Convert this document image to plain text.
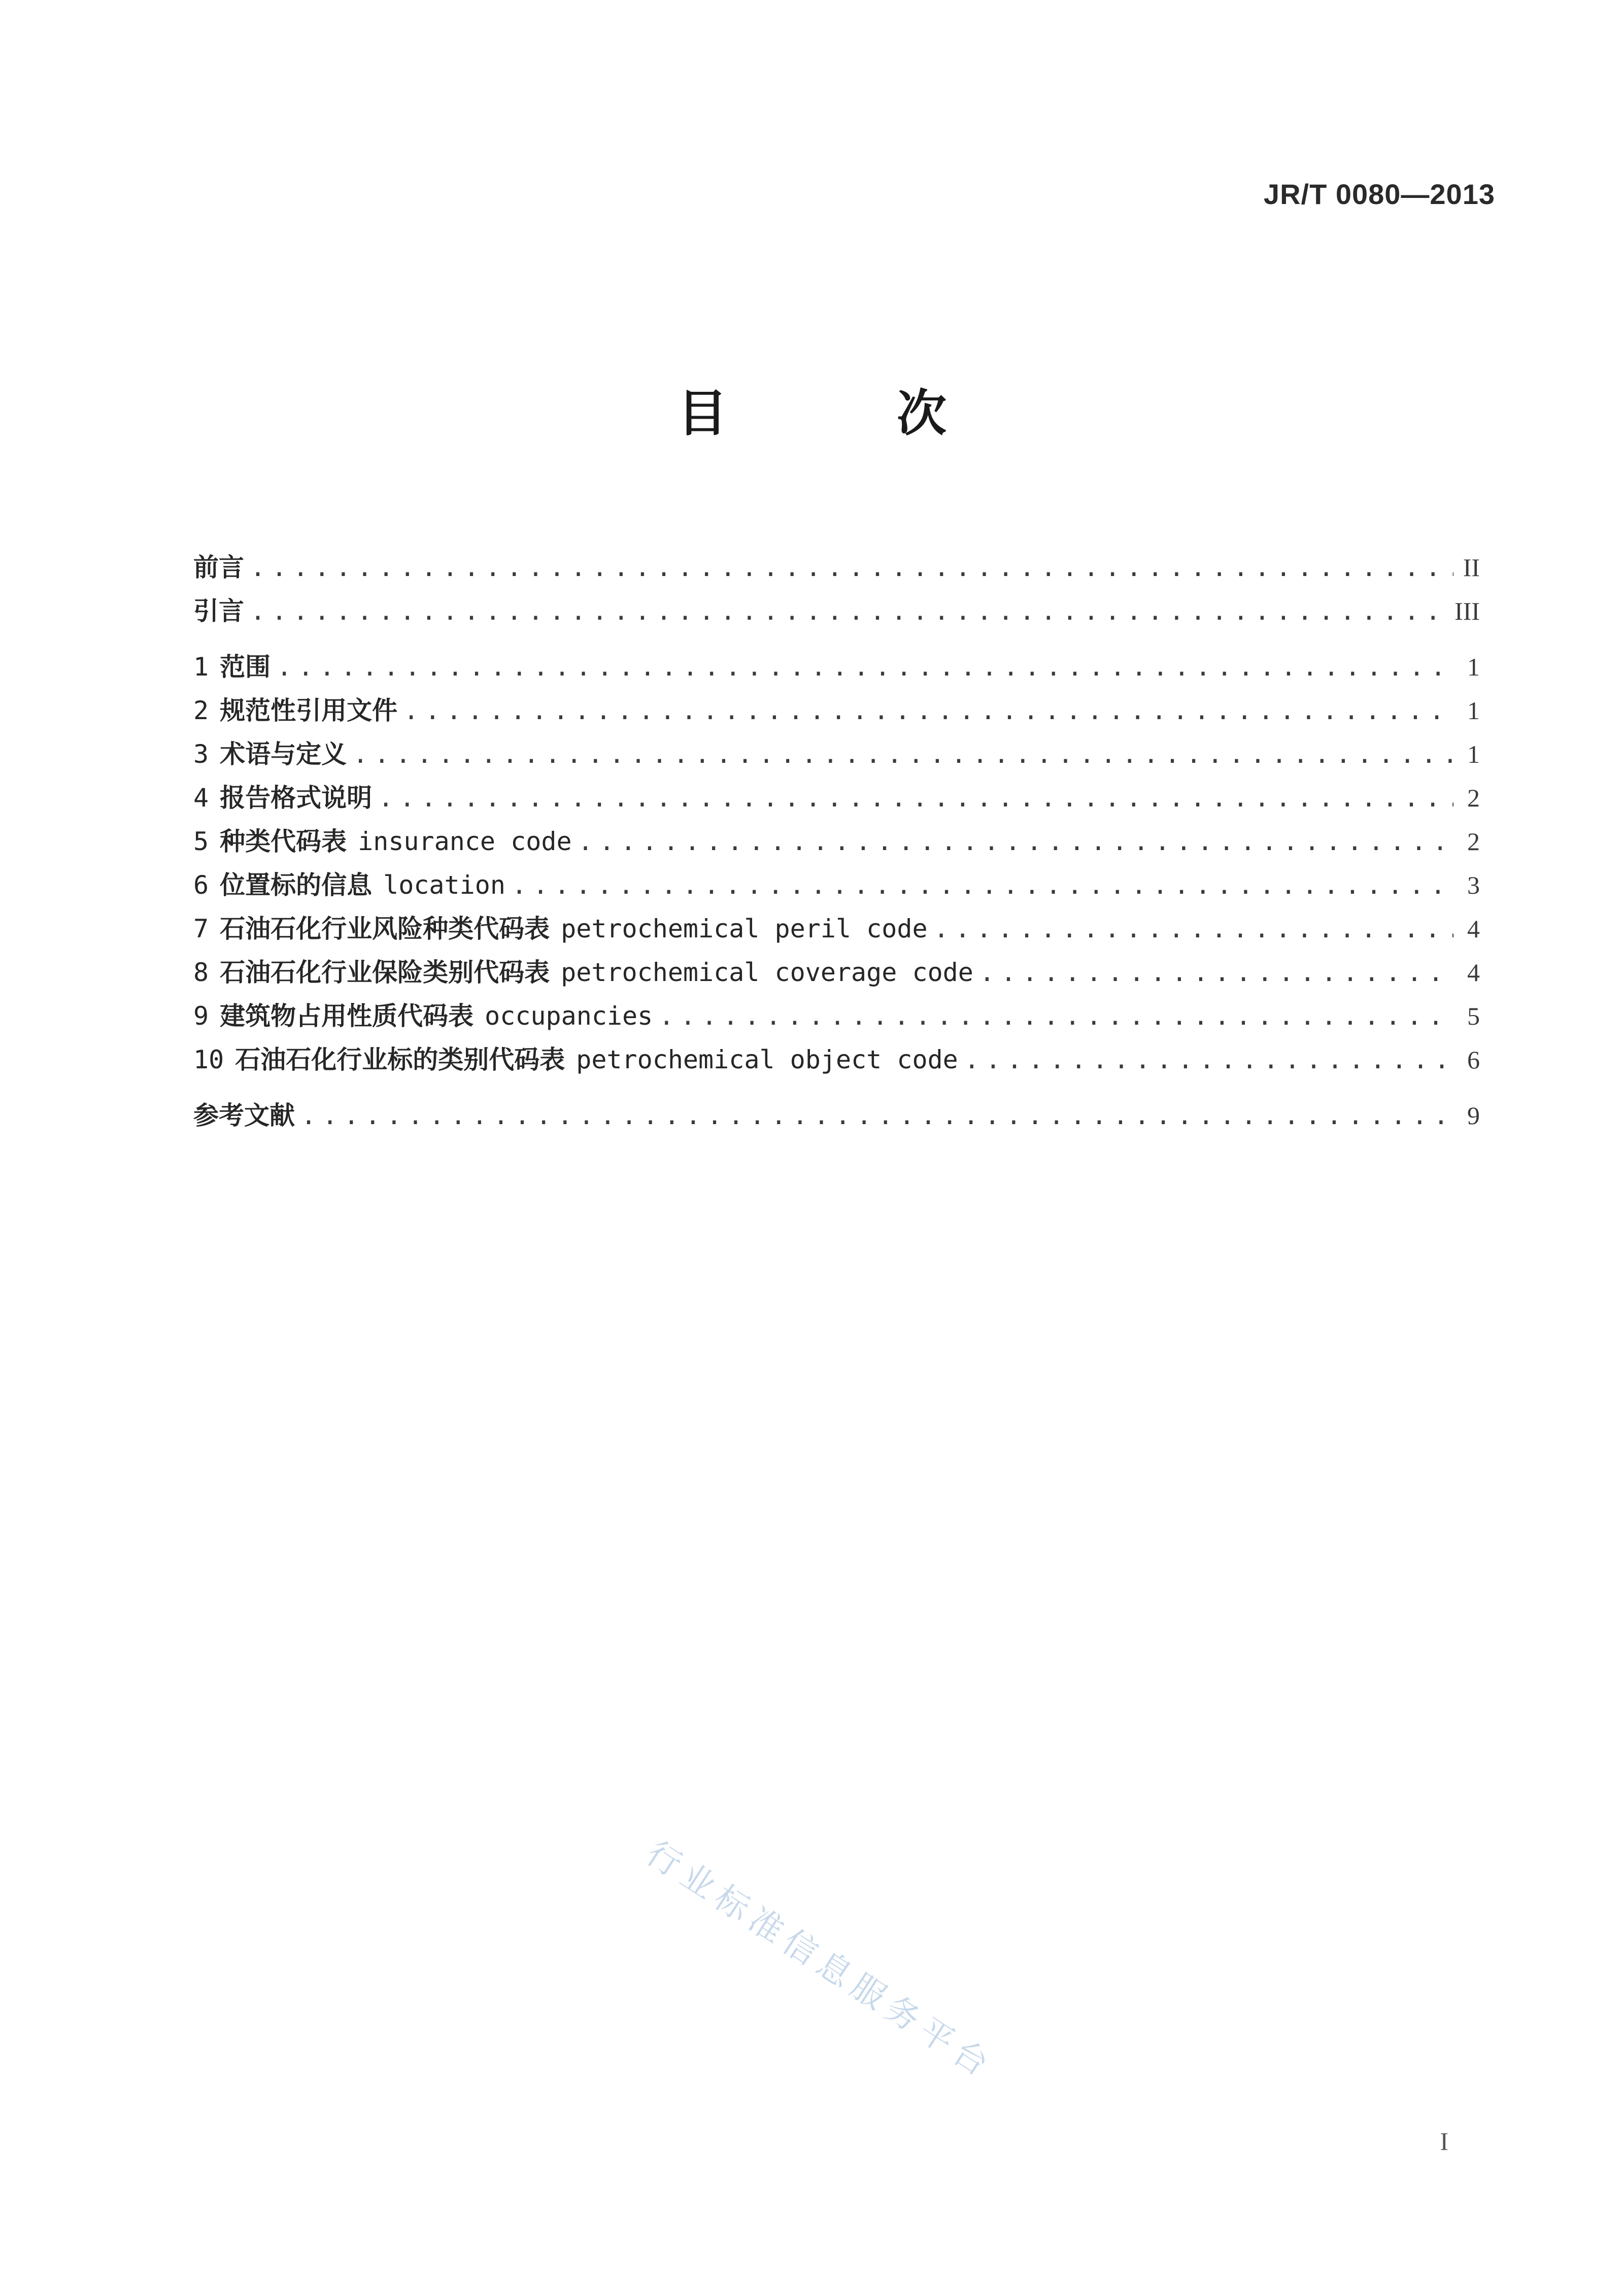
JR/T 0080—2013
目 次
前言 .....	II
引言 .....	III
1 范围 .....	1
2 规范性引用文件 .....	1
3 术语与定义 .....	1
4 报告格式说明 .....	2
5 种类代码表 insurance code .....	2
6 位置标的信息 location .....	3
7 石油石化行业风险种类代码表 petrochemical peril code .....	4
8 石油石化行业保险类别代码表 petrochemical coverage code .....	4
9 建筑物占用性质代码表 occupancies .....	5
10 石油石化行业标的类别代码表 petrochemical object code .....	6
参考文献 .....	9
行业标准信息服务平台
I
